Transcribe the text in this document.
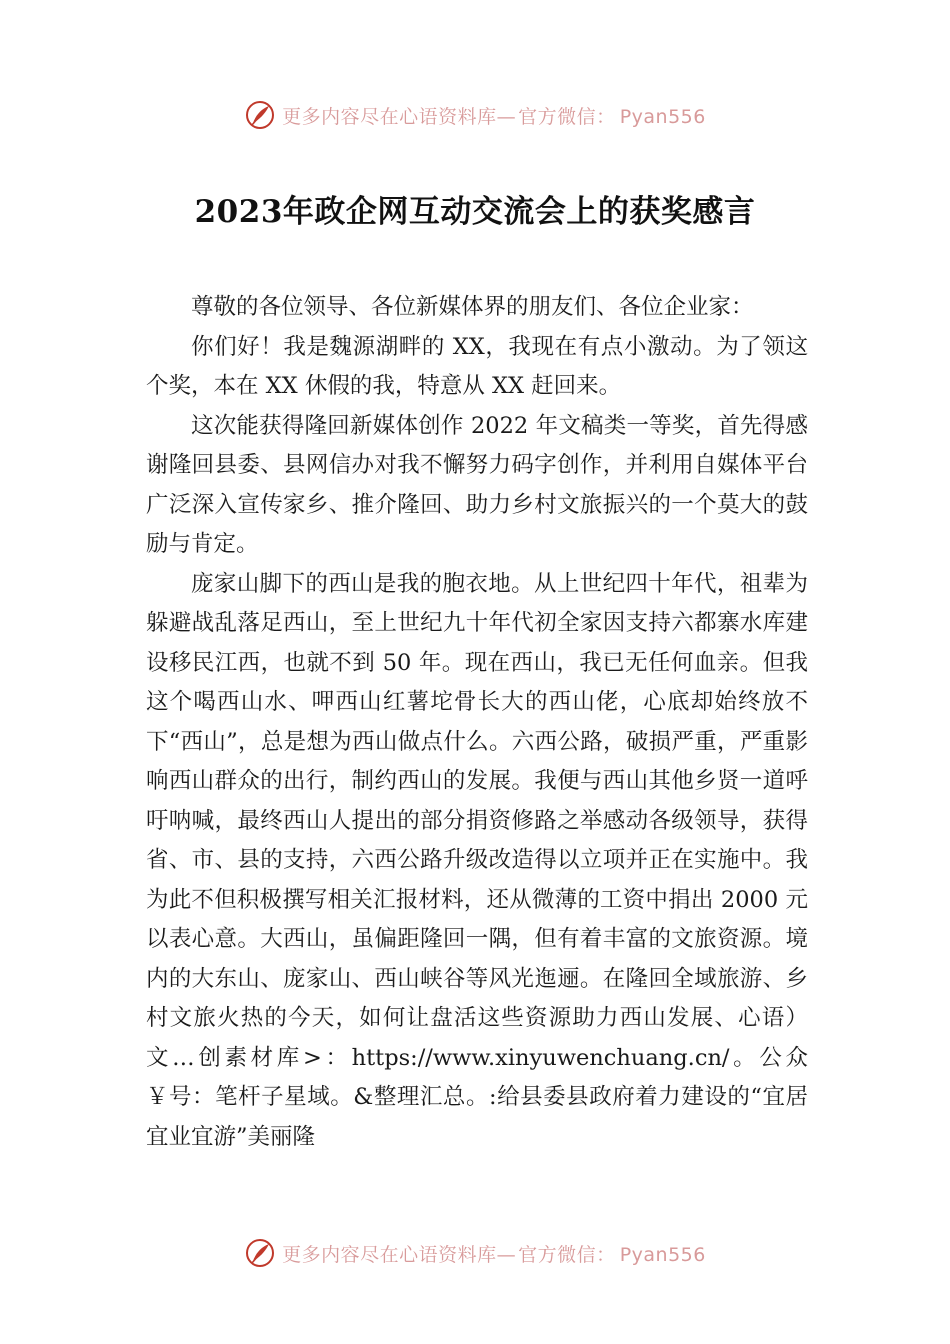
更多内容尽在心语资料库— 官方微信： Pyan556
2023年政企网互动交流会上的获奖感言

尊敬的各位领导、各位新媒体界的朋友们、各位企业家：

你们好！我是魏源湖畔的 XX，我现在有点小激动。为了领这个奖，本在 XX 休假的我，特意从 XX 赶回来。

这次能获得隆回新媒体创作 2022 年文稿类一等奖，首先得感谢隆回县委、县网信办对我不懈努力码字创作，并利用自媒体平台广泛深入宣传家乡、推介隆回、助力乡村文旅振兴的一个莫大的鼓励与肯定。

庞家山脚下的西山是我的胞衣地。从上世纪四十年代，祖辈为躲避战乱落足西山，至上世纪九十年代初全家因支持六都寨水库建设移民江西，也就不到 50 年。现在西山，我已无任何血亲。但我这个喝西山水、呷西山红薯坨骨长大的西山佬，心底却始终放不下“西山”，总是想为西山做点什么。六西公路，破损严重，严重影响西山群众的出行，制约西山的发展。我便与西山其他乡贤一道呼吁呐喊，最终西山人提出的部分捐资修路之举感动各级领导，获得省、市、县的支持，六西公路升级改造得以立项并正在实施中。我为此不但积极撰写相关汇报材料，还从微薄的工资中捐出 2000 元以表心意。大西山，虽偏距隆回一隅，但有着丰富的文旅资源。境内的大东山、庞家山、西山峡谷等风光迤逦。在隆回全域旅游、乡村文旅火热的今天，如何让盘活这些资源助力西山发展、心语）文…创素材库>：https://www.xinyuwenchuang.cn/。公众￥号：笔杆子星域。&整理汇总。:给县委县政府着力建设的“宜居宜业宜游”美丽隆

更多内容尽在心语资料库— 官方微信： Pyan556
